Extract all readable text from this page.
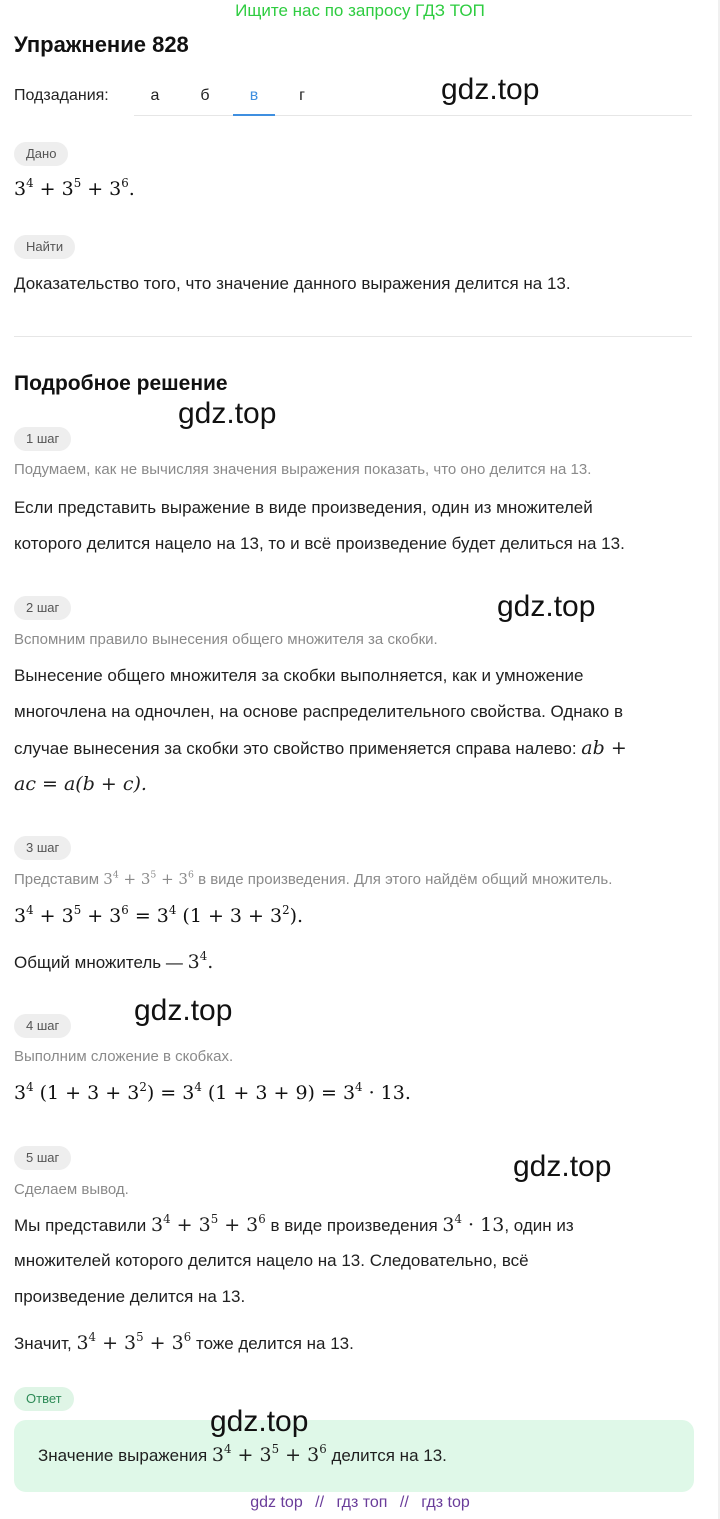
Ищите нас по запросу ГДЗ ТОП
Упражнение 828
Подзадания:	а	б	в	г	gdz.top
Дано
$3^4 + 3^5 + 3^6$.
Найти
Доказательство того, что значение данного выражения делится на 13.
Подробное решение
gdz.top
1 шаг
Подумаем, как не вычисляя значения выражения показать, что оно делится на 13.
Если представить выражение в виде произведения, один из множителей
которого делится нацело на 13, то и всё произведение будет делиться на 13.
2 шаг	gdz.top
Вспомним правило вынесения общего множителя за скобки.
Вынесение общего множителя за скобки выполняется, как и умножение
многочлена на одночлен, на основе распределительного свойства. Однако в
случае вынесения за скобки это свойство применяется справа налево: ab +
ac = a(b + c).
3 шаг
Представим $3^4 + 3^5 + 3^6$ в виде произведения. Для этого найдём общий множитель.
$3^4 + 3^5 + 3^6 = 3^4$ $(1 + 3 + 3^2)$.
Общий множитель — $3^4$.
gdz.top
4 шаг
Выполним сложение в скобках.
$3^4$ $(1 + 3 + 3^2) = 3^4$ $(1 + 3 + 9) = 3^4 \cdot 13$.
5 шаг	gdz.top
Сделаем вывод.
Мы представили $3^4 + 3^5 + 3^6$ в виде произведения $3^4 \cdot 13$, один из
множителей которого делится нацело на 13. Следовательно, всё
произведение делится на 13.
Значит, $3^4 + 3^5 + 3^6$ тоже делится на 13.
Ответ
Значение выражения $3^4 + 3^5 + 3^6$ делится на 13.
gdz.top
gdz top // гдз топ // гдз top
